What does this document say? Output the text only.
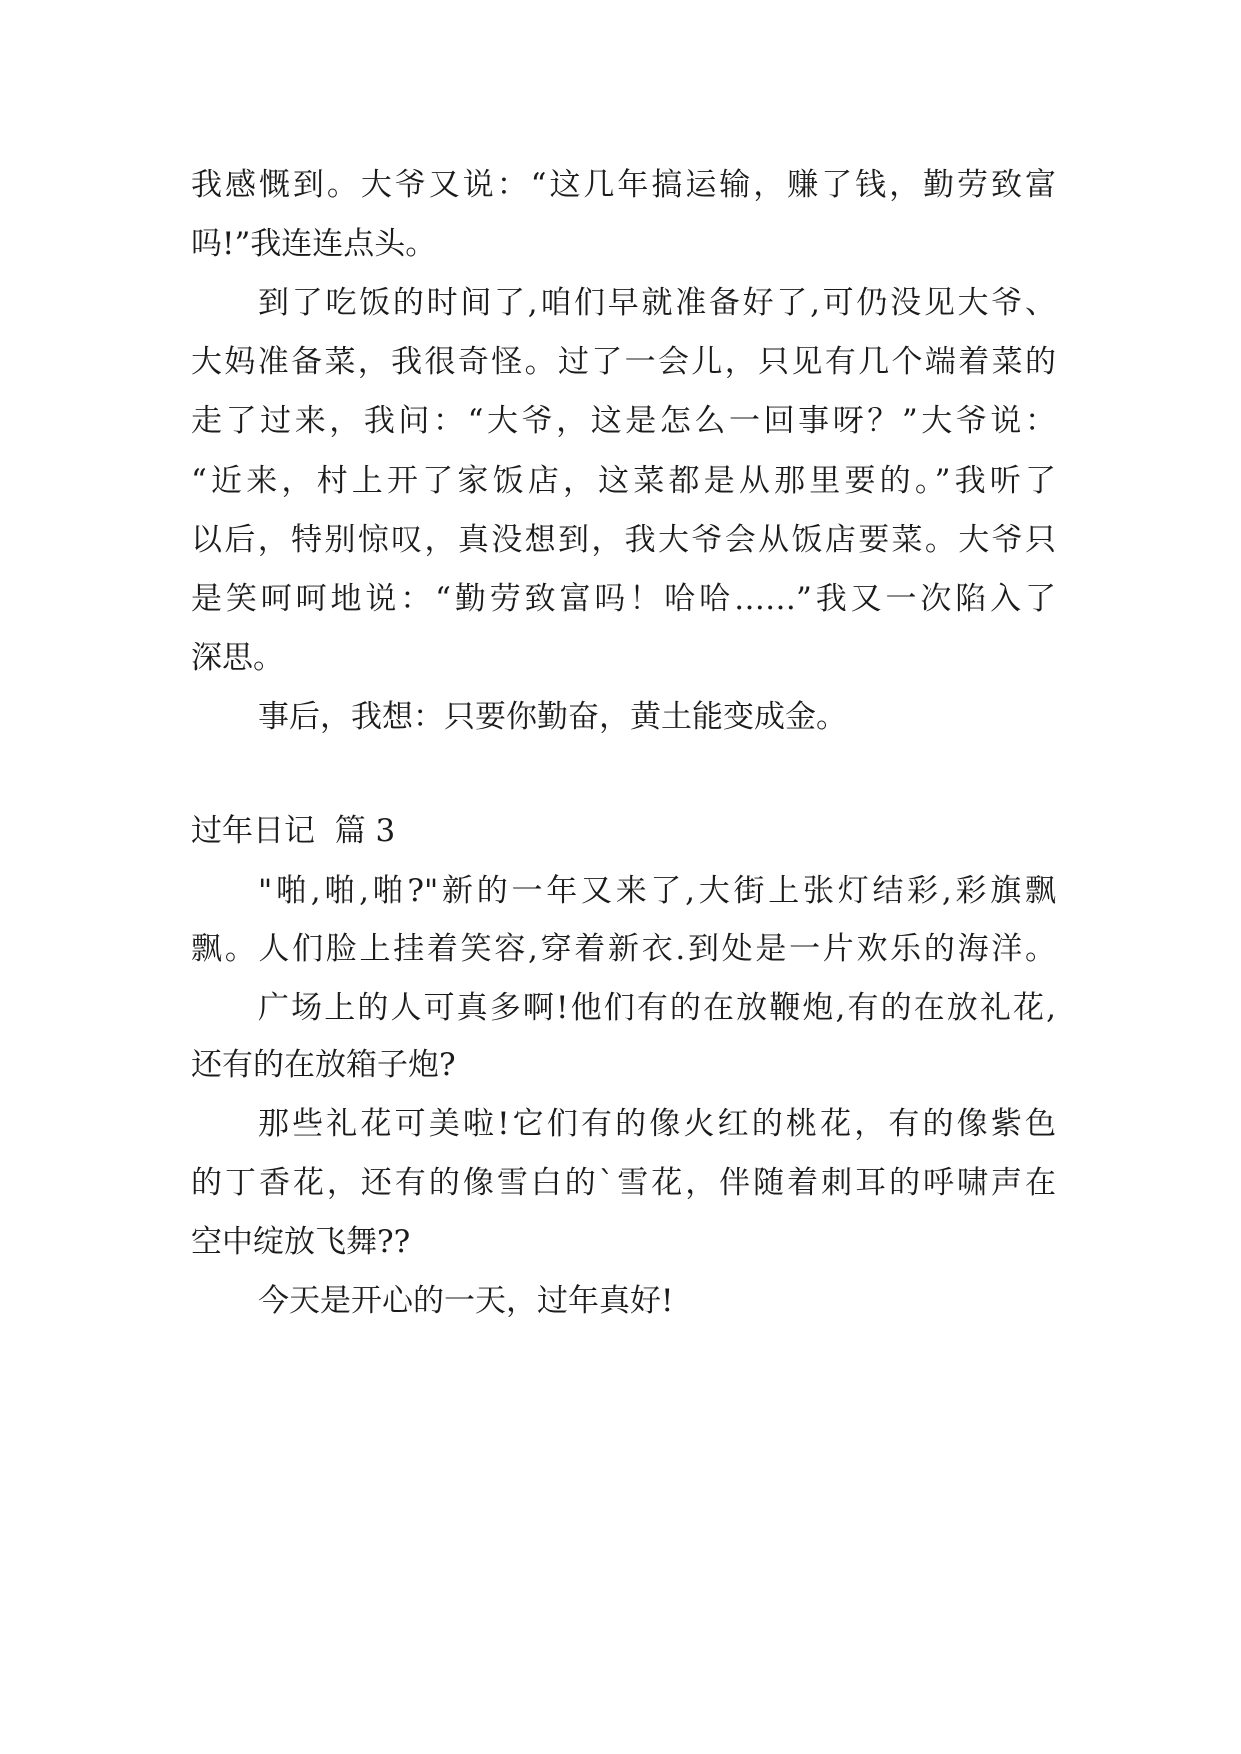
我感慨到。大爷又说：“这几年搞运输，赚了钱，勤劳致富
吗!”我连连点头。
到了吃饭的时间了,咱们早就准备好了,可仍没见大爷、
大妈准备菜，我很奇怪。过了一会儿，只见有几个端着菜的
走了过来，我问：“大爷，这是怎么一回事呀？”大爷说：
“近来，村上开了家饭店，这菜都是从那里要的。”我听了
以后，特别惊叹，真没想到，我大爷会从饭店要菜。大爷只
是笑呵呵地说：“勤劳致富吗！哈哈……”我又一次陷入了
深思。
事后，我想：只要你勤奋，黄土能变成金。
过年日记  篇 3
"啪,啪,啪?"新的一年又来了,大街上张灯结彩,彩旗飘
飘。人们脸上挂着笑容,穿着新衣.到处是一片欢乐的海洋。
广场上的人可真多啊!他们有的在放鞭炮,有的在放礼花,
还有的在放箱子炮?
那些礼花可美啦!它们有的像火红的桃花，有的像紫色
的丁香花，还有的像雪白的`雪花，伴随着刺耳的呼啸声在
空中绽放飞舞??
今天是开心的一天，过年真好!
